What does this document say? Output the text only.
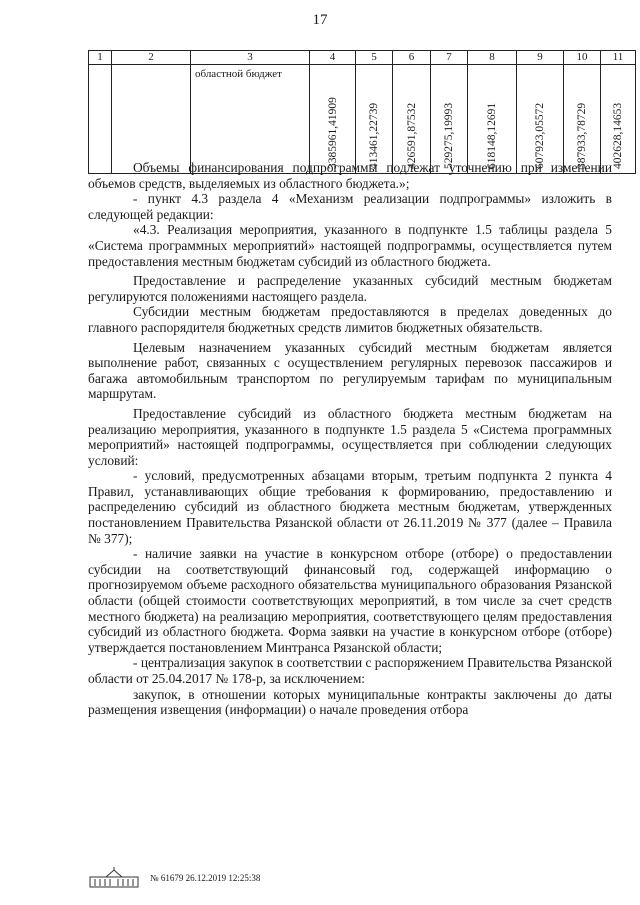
17
1	2	3	4	5	6	7	8	9	10	11
		областной бюджет	3385961,41909	413461,22739	426591,87532	529275,19993	618148,12691	607923,05572	387933,78729	402628,14653

Объемы финансирования подпрограммы подлежат уточнению при изменении объемов средств, выделяемых из областного бюджета.»;

- пункт 4.3 раздела 4 «Механизм реализации подпрограммы» изложить в следующей редакции:

«4.3. Реализация мероприятия, указанного в подпункте 1.5 таблицы раздела 5 «Система программных мероприятий» настоящей подпрограммы, осуществляется путем предоставления местным бюджетам субсидий из областного бюджета.

Предоставление и распределение указанных субсидий местным бюджетам регулируются положениями настоящего раздела.

Субсидии местным бюджетам предоставляются в пределах доведенных до главного распорядителя бюджетных средств лимитов бюджетных обязательств.

Целевым назначением указанных субсидий местным бюджетам является выполнение работ, связанных с осуществлением регулярных перевозок пассажиров и багажа автомобильным транспортом по регулируемым тарифам по муниципальным маршрутам.

Предоставление субсидий из областного бюджета местным бюджетам на реализацию мероприятия, указанного в подпункте 1.5 раздела 5 «Система программных мероприятий» настоящей подпрограммы, осуществляется при соблюдении следующих условий:

- условий, предусмотренных абзацами вторым, третьим подпункта 2 пункта 4 Правил, устанавливающих общие требования к формированию, предоставлению и распределению субсидий из областного бюджета местным бюджетам, утвержденных постановлением Правительства Рязанской области от 26.11.2019 № 377 (далее – Правила № 377);

- наличие заявки на участие в конкурсном отборе (отборе) о предоставлении субсидии на соответствующий финансовый год, содержащей информацию о прогнозируемом объеме расходного обязательства муниципального образования Рязанской области (общей стоимости соответствующих мероприятий, в том числе за счет средств местного бюджета) на реализацию мероприятия, соответствующего целям предоставления субсидий из областного бюджета. Форма заявки на участие в конкурсном отборе (отборе) утверждается постановлением Минтранса Рязанской области;

- централизация закупок в соответствии с распоряжением Правительства Рязанской области от 25.04.2017 № 178-р, за исключением:

закупок, в отношении которых муниципальные контракты заключены до даты размещения извещения (информации) о начале проведения отбора

№ 61679 26.12.2019 12:25:38
